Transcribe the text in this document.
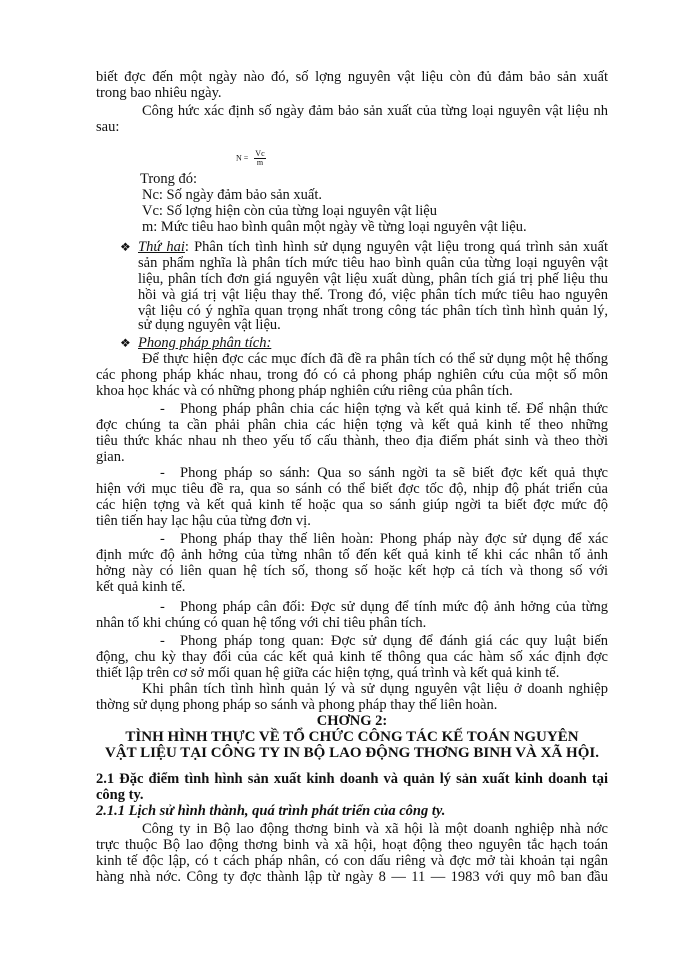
biết đợc đến một ngày nào đó, số lợng nguyên vật liệu còn đủ đảm bảo sản xuất
trong bao nhiêu ngày.
Công hức xác định số ngày đảm bảo sản xuất của từng loại nguyên vật liệu nh
sau:
$N = \frac{Vc}{m}$
Trong đó:
Nc: Số ngày đảm bảo sản xuất.
Vc: Số lợng hiện còn của từng loại nguyên vật liệu
m: Mức tiêu hao bình quân một ngày về từng loại nguyên vật liệu.
❖ Thứ hai: Phân tích tình hình sử dụng nguyên vật liệu trong quá trình sản xuất
sản phẩm nghĩa là phân tích mức tiêu hao bình quân của từng loại nguyên vật
liệu, phân tích đơn giá nguyên vật liệu xuất dùng, phân tích giá trị phế liệu thu
hồi và giá trị vật liệu thay thế. Trong đó, việc phân tích mức tiêu hao nguyên
vật liệu có ý nghĩa quan trọng nhất trong công tác phân tích tình hình quản lý,
sử dụng nguyên vật liệu.
❖ Phong pháp phân tích:
Để thực hiện đợc các mục đích đã đề ra phân tích có thể sử dụng một hệ thống
các phong pháp khác nhau, trong đó có cả phong pháp nghiên cứu của một số môn
khoa học khác và có những phong pháp nghiên cứu riêng của phân tích.
- Phong pháp phân chia các hiện tợng và kết quả kinh tế. Để nhận thức
đợc chúng ta cần phải phân chia các hiện tợng và kết quả kinh tế theo những
tiêu thức khác nhau nh theo yếu tố cấu thành, theo địa điểm phát sinh và theo thời
gian.
- Phong pháp so sánh: Qua so sánh ngời ta sẽ biết đợc kết quả thực
hiện với mục tiêu đề ra, qua so sánh có thể biết đợc tốc độ, nhịp độ phát triển của
các hiện tợng và kết quả kinh tế hoặc qua so sánh giúp ngời ta biết đợc mức độ
tiên tiến hay lạc hậu của từng đơn vị.
- Phong pháp thay thế liên hoàn: Phong pháp này đợc sử dụng để xác
định mức độ ảnh hởng của từng nhân tố đến kết quả kinh tế khi các nhân tố ảnh
hởng này có liên quan hệ tích số, thong số hoặc kết hợp cả tích và thong số với
kết quả kinh tế.
- Phong pháp cân đối: Đợc sử dụng để tính mức độ ảnh hởng của từng
nhân tố khi chúng có quan hệ tổng với chỉ tiêu phân tích.
- Phong pháp tong quan: Đợc sử dụng để đánh giá các quy luật biến
động, chu kỳ thay đổi của các kết quả kinh tế thông qua các hàm số xác định đợc
thiết lập trên cơ sở mối quan hệ giữa các hiện tợng, quá trình và kết quả kinh tế.
Khi phân tích tình hình quản lý và sử dụng nguyên vật liệu ở doanh nghiệp
thờng sử dụng phong pháp so sánh và phong pháp thay thế liên hoàn.
CHƠNG 2:
TÌNH HÌNH THỰC VỀ TỔ CHỨC CÔNG TÁC KẾ TOÁN NGUYÊN
VẬT LIỆU TẠI CÔNG TY IN BỘ LAO ĐỘNG THƠNG BINH VÀ XÃ HỘI.
2.1 Đặc điểm tình hình sản xuất kinh doanh và quản lý sản xuất kinh doanh tại
công ty.
2.1.1 Lịch sử hình thành, quá trình phát triển của công ty.
Công ty in Bộ lao động thơng binh và xã hội là một doanh nghiệp nhà nớc
trực thuộc Bộ lao động thơng binh và xã hội, hoạt động theo nguyên tắc hạch toán
kinh tế độc lập, có t cách pháp nhân, có con dấu riêng và đợc mở tài khoản tại ngân
hàng nhà nớc. Công ty đợc thành lập từ ngày 8 — 11 — 1983 với quy mô ban đầu
